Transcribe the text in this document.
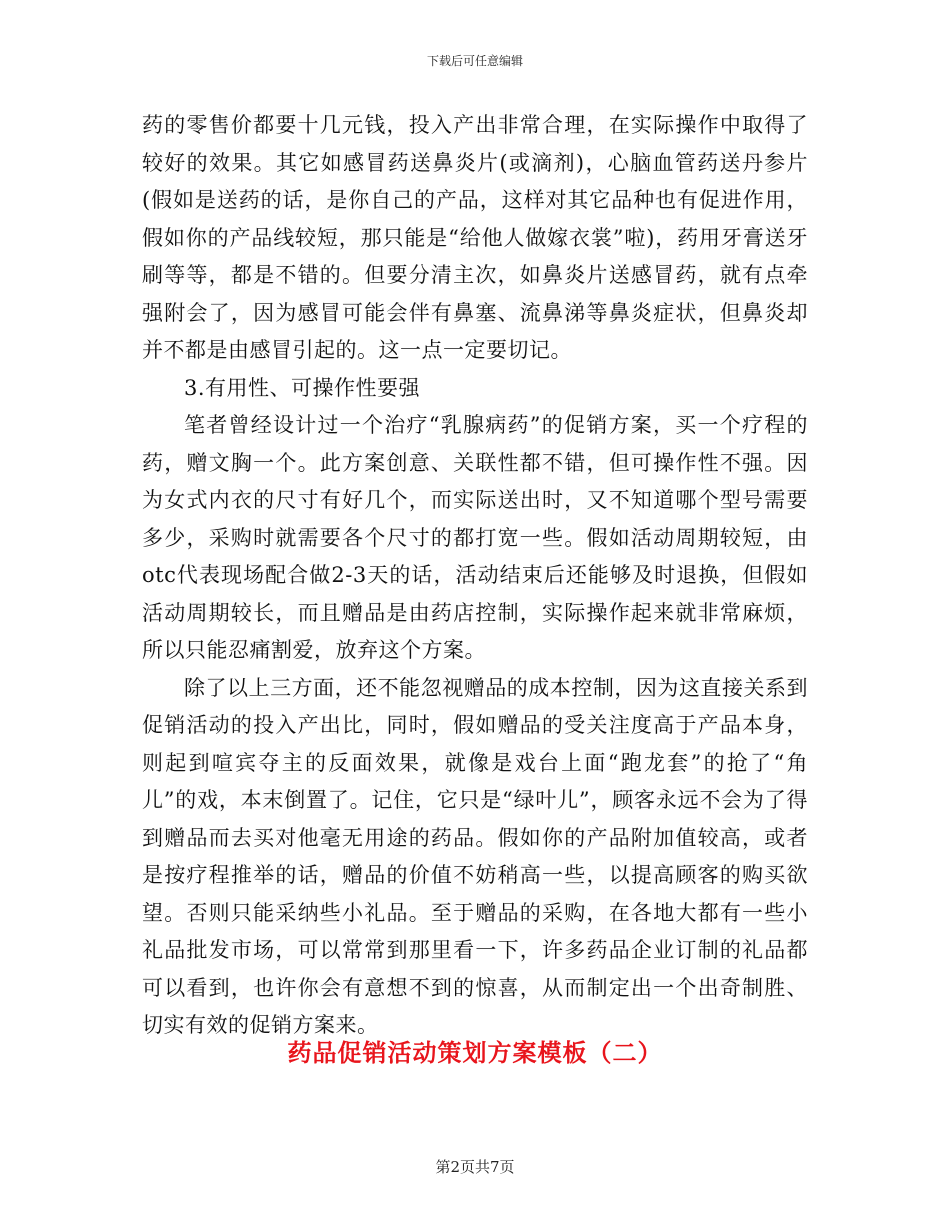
下载后可任意编辑

药的零售价都要十几元钱，投入产出非常合理，在实际操作中取得了较好的效果。其它如感冒药送鼻炎片(或滴剂)，心脑血管药送丹参片(假如是送药的话，是你自己的产品，这样对其它品种也有促进作用，假如你的产品线较短，那只能是“给他人做嫁衣裳”啦)，药用牙膏送牙刷等等，都是不错的。但要分清主次，如鼻炎片送感冒药，就有点牵强附会了，因为感冒可能会伴有鼻塞、流鼻涕等鼻炎症状，但鼻炎却并不都是由感冒引起的。这一点一定要切记。

3.有用性、可操作性要强

笔者曾经设计过一个治疗“乳腺病药”的促销方案，买一个疗程的药，赠文胸一个。此方案创意、关联性都不错，但可操作性不强。因为女式内衣的尺寸有好几个，而实际送出时，又不知道哪个型号需要多少，采购时就需要各个尺寸的都打宽一些。假如活动周期较短，由otc代表现场配合做2-3天的话，活动结束后还能够及时退换，但假如活动周期较长，而且赠品是由药店控制，实际操作起来就非常麻烦，所以只能忍痛割爱，放弃这个方案。

除了以上三方面，还不能忽视赠品的成本控制，因为这直接关系到促销活动的投入产出比，同时，假如赠品的受关注度高于产品本身，则起到喧宾夺主的反面效果，就像是戏台上面“跑龙套”的抢了“角儿”的戏，本末倒置了。记住，它只是“绿叶儿”，顾客永远不会为了得到赠品而去买对他毫无用途的药品。假如你的产品附加值较高，或者是按疗程推举的话，赠品的价值不妨稍高一些，以提高顾客的购买欲望。否则只能采纳些小礼品。至于赠品的采购，在各地大都有一些小礼品批发市场，可以常常到那里看一下，许多药品企业订制的礼品都可以看到，也许你会有意想不到的惊喜，从而制定出一个出奇制胜、切实有效的促销方案来。

药品促销活动策划方案模板（二）
第2页共7页
